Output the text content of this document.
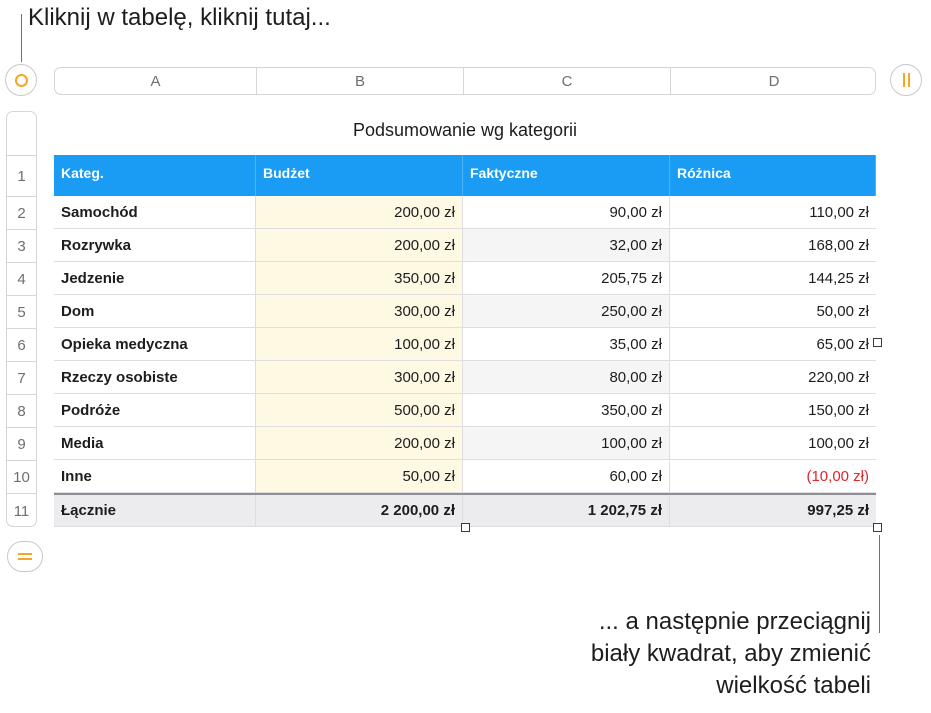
Kliknij w tabelę, kliknij tutaj...
... a następnie przeciągnij
biały kwadrat, aby zmienić
wielkość tabeli
A	B	C	D
1
2
3
4
5
6
7
8
9
10
11
Podsumowanie wg kategorii
Kateg.	Budżet	Faktyczne	Różnica
Samochód	200,00 zł	90,00 zł	110,00 zł
Rozrywka	200,00 zł	32,00 zł	168,00 zł
Jedzenie	350,00 zł	205,75 zł	144,25 zł
Dom	300,00 zł	250,00 zł	50,00 zł
Opieka medyczna	100,00 zł	35,00 zł	65,00 zł
Rzeczy osobiste	300,00 zł	80,00 zł	220,00 zł
Podróże	500,00 zł	350,00 zł	150,00 zł
Media	200,00 zł	100,00 zł	100,00 zł
Inne	50,00 zł	60,00 zł	(10,00 zł)
Łącznie	2 200,00 zł	1 202,75 zł	997,25 zł
